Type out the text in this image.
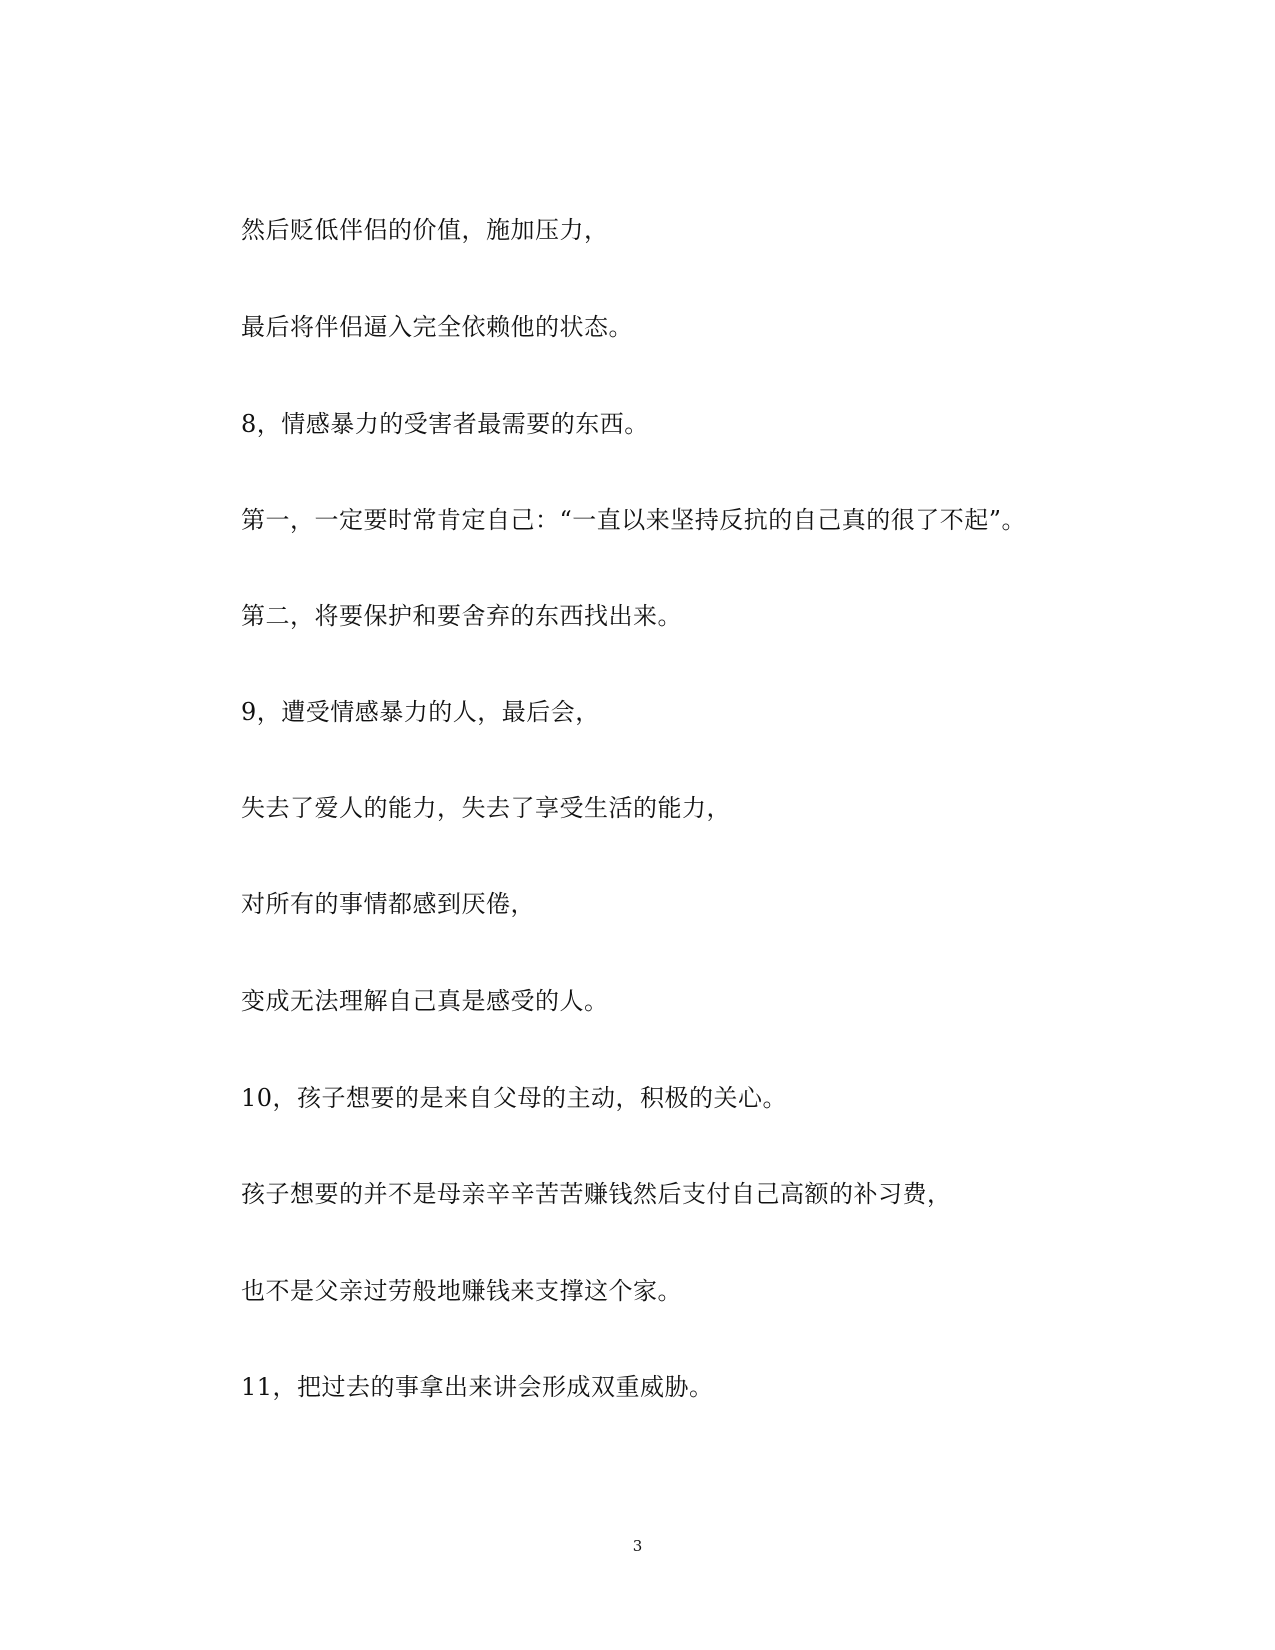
然后贬低伴侣的价值，施加压力，
最后将伴侣逼入完全依赖他的状态。
8，情感暴力的受害者最需要的东西。
第一，一定要时常肯定自己：“一直以来坚持反抗的自己真的很了不起”。
第二，将要保护和要舍弃的东西找出来。
9，遭受情感暴力的人，最后会，
失去了爱人的能力，失去了享受生活的能力，
对所有的事情都感到厌倦，
变成无法理解自己真是感受的人。
10，孩子想要的是来自父母的主动，积极的关心。
孩子想要的并不是母亲辛辛苦苦赚钱然后支付自己高额的补习费，
也不是父亲过劳般地赚钱来支撑这个家。
11，把过去的事拿出来讲会形成双重威胁。
3
